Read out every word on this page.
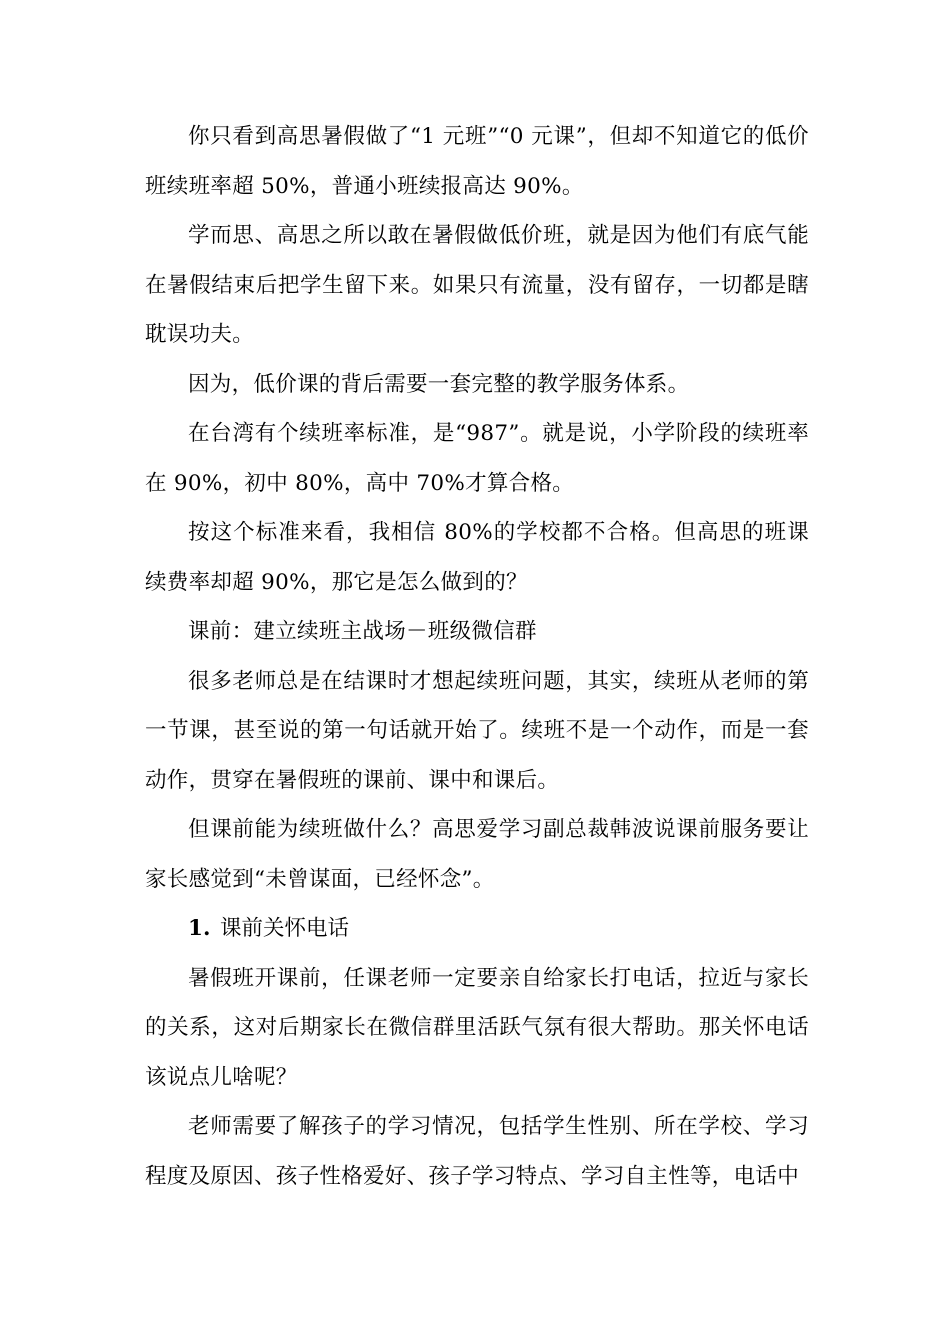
你只看到高思暑假做了“1 元班”“0 元课”，但却不知道它的低价班续班率超 50%，普通小班续报高达 90%。

学而思、高思之所以敢在暑假做低价班，就是因为他们有底气能在暑假结束后把学生留下来。如果只有流量，没有留存，一切都是瞎耽误功夫。

因为，低价课的背后需要一套完整的教学服务体系。

在台湾有个续班率标准，是“987”。就是说，小学阶段的续班率在 90%，初中 80%，高中 70%才算合格。

按这个标准来看，我相信 80%的学校都不合格。但高思的班课续费率却超 90%，那它是怎么做到的？

课前：建立续班主战场－班级微信群

很多老师总是在结课时才想起续班问题，其实，续班从老师的第一节课，甚至说的第一句话就开始了。续班不是一个动作，而是一套动作，贯穿在暑假班的课前、课中和课后。

但课前能为续班做什么？高思爱学习副总裁韩波说课前服务要让家长感觉到“未曾谋面，已经怀念”。

1. 课前关怀电话

暑假班开课前，任课老师一定要亲自给家长打电话，拉近与家长的关系，这对后期家长在微信群里活跃气氛有很大帮助。那关怀电话该说点儿啥呢？

老师需要了解孩子的学习情况，包括学生性别、所在学校、学习程度及原因、孩子性格爱好、孩子学习特点、学习自主性等，电话中
